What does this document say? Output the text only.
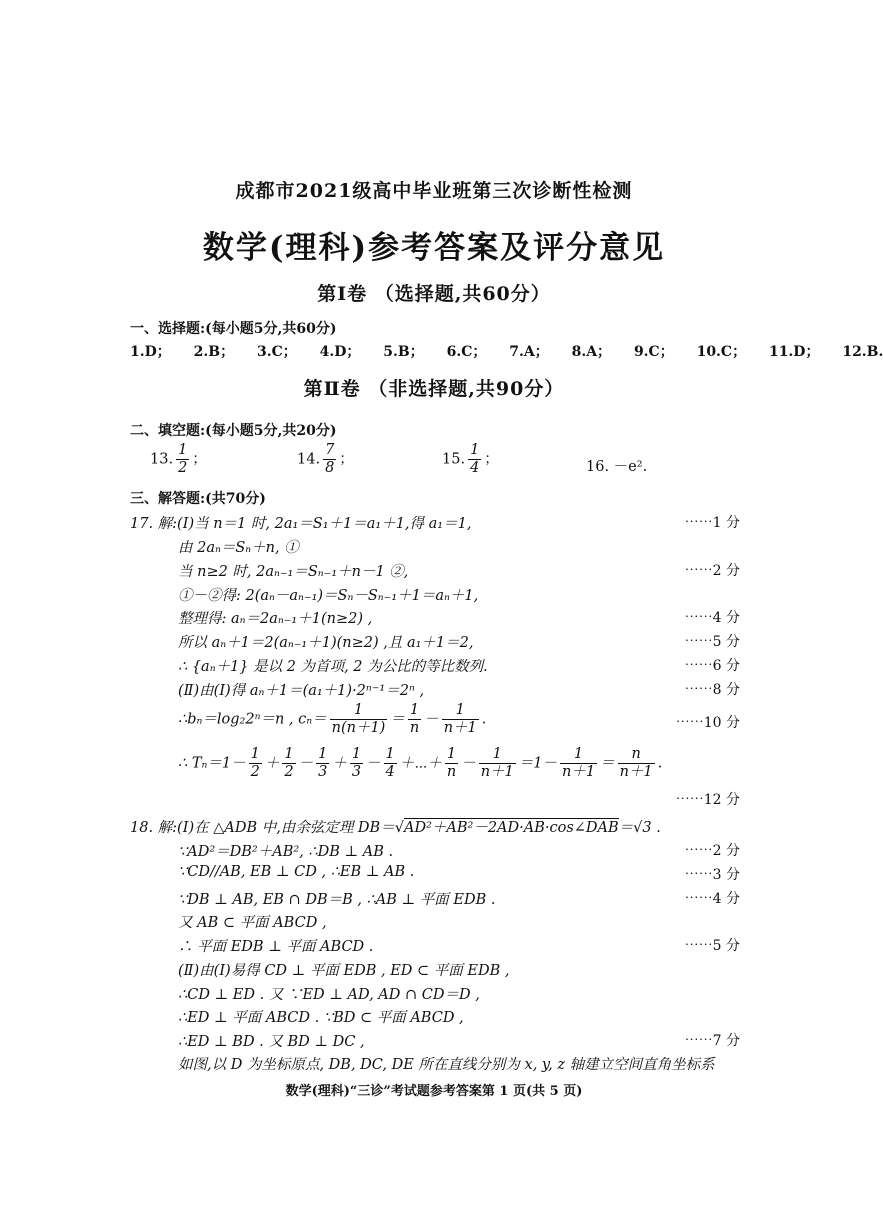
成都市2021级高中毕业班第三次诊断性检测
数学(理科)参考答案及评分意见
第Ⅰ卷 （选择题,共60分）
一、选择题:(每小题5分,共60分)
1.D； 2.B； 3.C； 4.D； 5.B； 6.C； 7.A； 8.A； 9.C； 10.C； 11.D； 12.B.
第Ⅱ卷 （非选择题,共90分）
二、填空题:(每小题5分,共20分)
13. $\frac{1}{2}$ ；	14. $\frac{7}{8}$ ；	15. $\frac{1}{4}$ ；	16. －e².
三、解答题:(共70分)
17. 解:(Ⅰ)当 n＝1 时, 2a₁＝S₁＋1＝a₁＋1,得 a₁＝1,	⋯⋯1 分
由 2aₙ＝Sₙ＋n, ①
当 n≥2 时, 2aₙ₋₁＝Sₙ₋₁＋n－1 ②,	⋯⋯2 分
①－②得: 2(aₙ－aₙ₋₁)＝Sₙ－Sₙ₋₁＋1＝aₙ＋1,
整理得: aₙ＝2aₙ₋₁＋1(n≥2) ,	⋯⋯4 分
所以 aₙ＋1＝2(aₙ₋₁＋1)(n≥2) ,且 a₁＋1＝2,	⋯⋯5 分
∴ {aₙ＋1} 是以 2 为首项, 2 为公比的等比数列.	⋯⋯6 分
(Ⅱ)由(Ⅰ)得 aₙ＋1＝(a₁＋1)·2ⁿ⁻¹＝2ⁿ ,	⋯⋯8 分
∴bₙ＝log₂2ⁿ＝n , $c_n= \frac{1}{n(n+1)} = \frac{1}{n} - \frac{1}{n+1}$ .	⋯⋯10 分
∴ $T_n=1- \frac{1}{2} + \frac{1}{2} - \frac{1}{3} + \frac{1}{3} - \frac{1}{4}$ ＋⋯＋ $\frac{1}{n} - \frac{1}{n+1} =1- \frac{1}{n+1} = \frac{n}{n+1}$ .
⋯⋯12 分
18. 解:(Ⅰ)在 △ADB 中,由余弦定理 DB＝√AD²＋AB²－2AD·AB·cos∠DAB＝√3 .
∵AD²＝DB²＋AB², ∴DB ⊥ AB .	⋯⋯2 分
∵CD//AB, EB ⊥ CD , ∴EB ⊥ AB .	⋯⋯3 分
∵DB ⊥ AB, EB ∩ DB＝B , ∴AB ⊥ 平面 EDB .	⋯⋯4 分
又 AB ⊂ 平面 ABCD ,
∴ 平面 EDB ⊥ 平面 ABCD .	⋯⋯5 分
(Ⅱ)由(Ⅰ)易得 CD ⊥ 平面 EDB , ED ⊂ 平面 EDB ,
∴CD ⊥ ED . 又 ∵ED ⊥ AD, AD ∩ CD＝D ,
∴ED ⊥ 平面 ABCD . ∵BD ⊂ 平面 ABCD ,
∴ED ⊥ BD . 又 BD ⊥ DC ,	⋯⋯7 分
如图,以 D 为坐标原点, DB, DC, DE 所在直线分别为 x, y, z 轴建立空间直角坐标系
数学(理科)“三诊”考试题参考答案第 1 页(共 5 页)
